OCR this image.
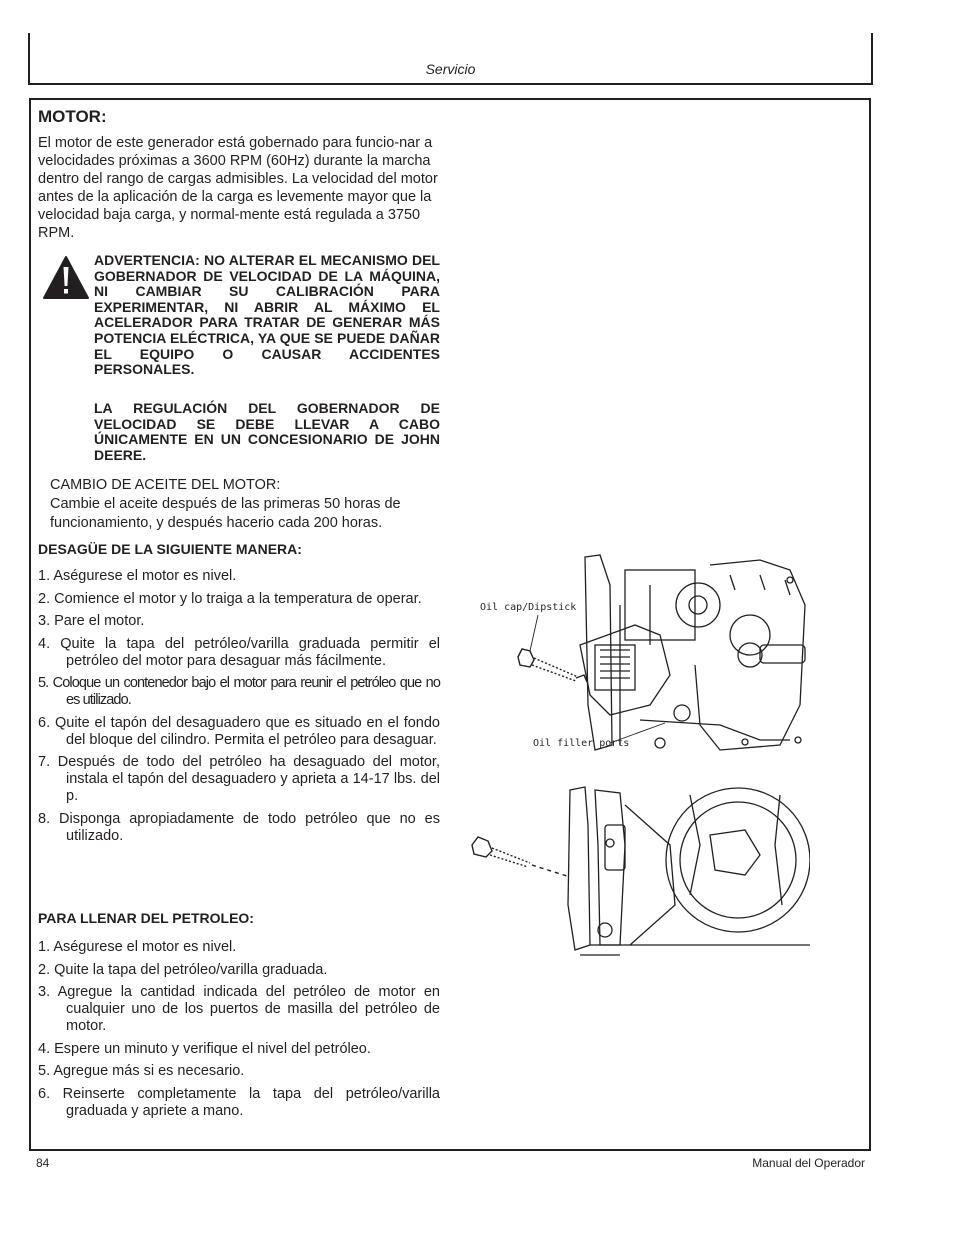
Servicio
MOTOR:
El motor de este generador está gobernado para funcio-nar a velocidades próximas a 3600 RPM (60Hz) durante la marcha dentro del rango de cargas admisibles. La velocidad del motor antes de la aplicación de la carga es levemente mayor que la velocidad baja carga, y normal-mente está regulada a 3750 RPM.
ADVERTENCIA: NO ALTERAR EL MECANISMO DEL GOBERNADOR DE VELOCIDAD DE LA MÁQUINA, NI CAMBIAR SU CALIBRACIÓN PARA EXPERIMENTAR, NI ABRIR AL MÁXIMO EL ACELERADOR PARA TRATAR DE GENERAR MÁS POTENCIA ELÉCTRICA, YA QUE SE PUEDE DAÑAR EL EQUIPO O CAUSAR ACCIDENTES PERSONALES.
LA REGULACIÓN DEL GOBERNADOR DE VELOCIDAD SE DEBE LLEVAR A CABO ÚNICAMENTE EN UN CONCESIONARIO DE JOHN DEERE.
CAMBIO DE ACEITE DEL MOTOR:
Cambie el aceite después de las primeras 50 horas de funcionamiento, y después hacerio cada 200 horas.
DESAGÜE DE LA SIGUIENTE MANERA:
1. Aségurese el motor es nivel.
2. Comience el motor y lo traiga a la temperatura de operar.
3. Pare el motor.
4. Quite la tapa del petróleo/varilla graduada permitir el petróleo del motor para desaguar más fácilmente.
5. Coloque un contenedor bajo el motor para reunir el petróleo que no es utilizado.
6. Quite el tapón del desaguadero que es situado en el fondo del bloque del cilindro. Permita el petróleo para desaguar.
7. Después de todo del petróleo ha desaguado del motor, instala el tapón del desaguadero y aprieta a 14-17 lbs. del p.
8. Disponga apropiadamente de todo petróleo que no es utilizado.
PARA LLENAR DEL PETROLEO:
1. Aségurese el motor es nivel.
2. Quite la tapa del petróleo/varilla graduada.
3. Agregue la cantidad indicada del petróleo de motor en cualquier uno de los puertos de masilla del petróleo de motor.
4. Espere un minuto y verifique el nivel del petróleo.
5. Agregue más si es necesario.
6. Reinserte completamente la tapa del petróleo/varilla graduada y apriete a mano.
Oil cap/Dipstick
Oil filler ports
84	Manual del Operador
